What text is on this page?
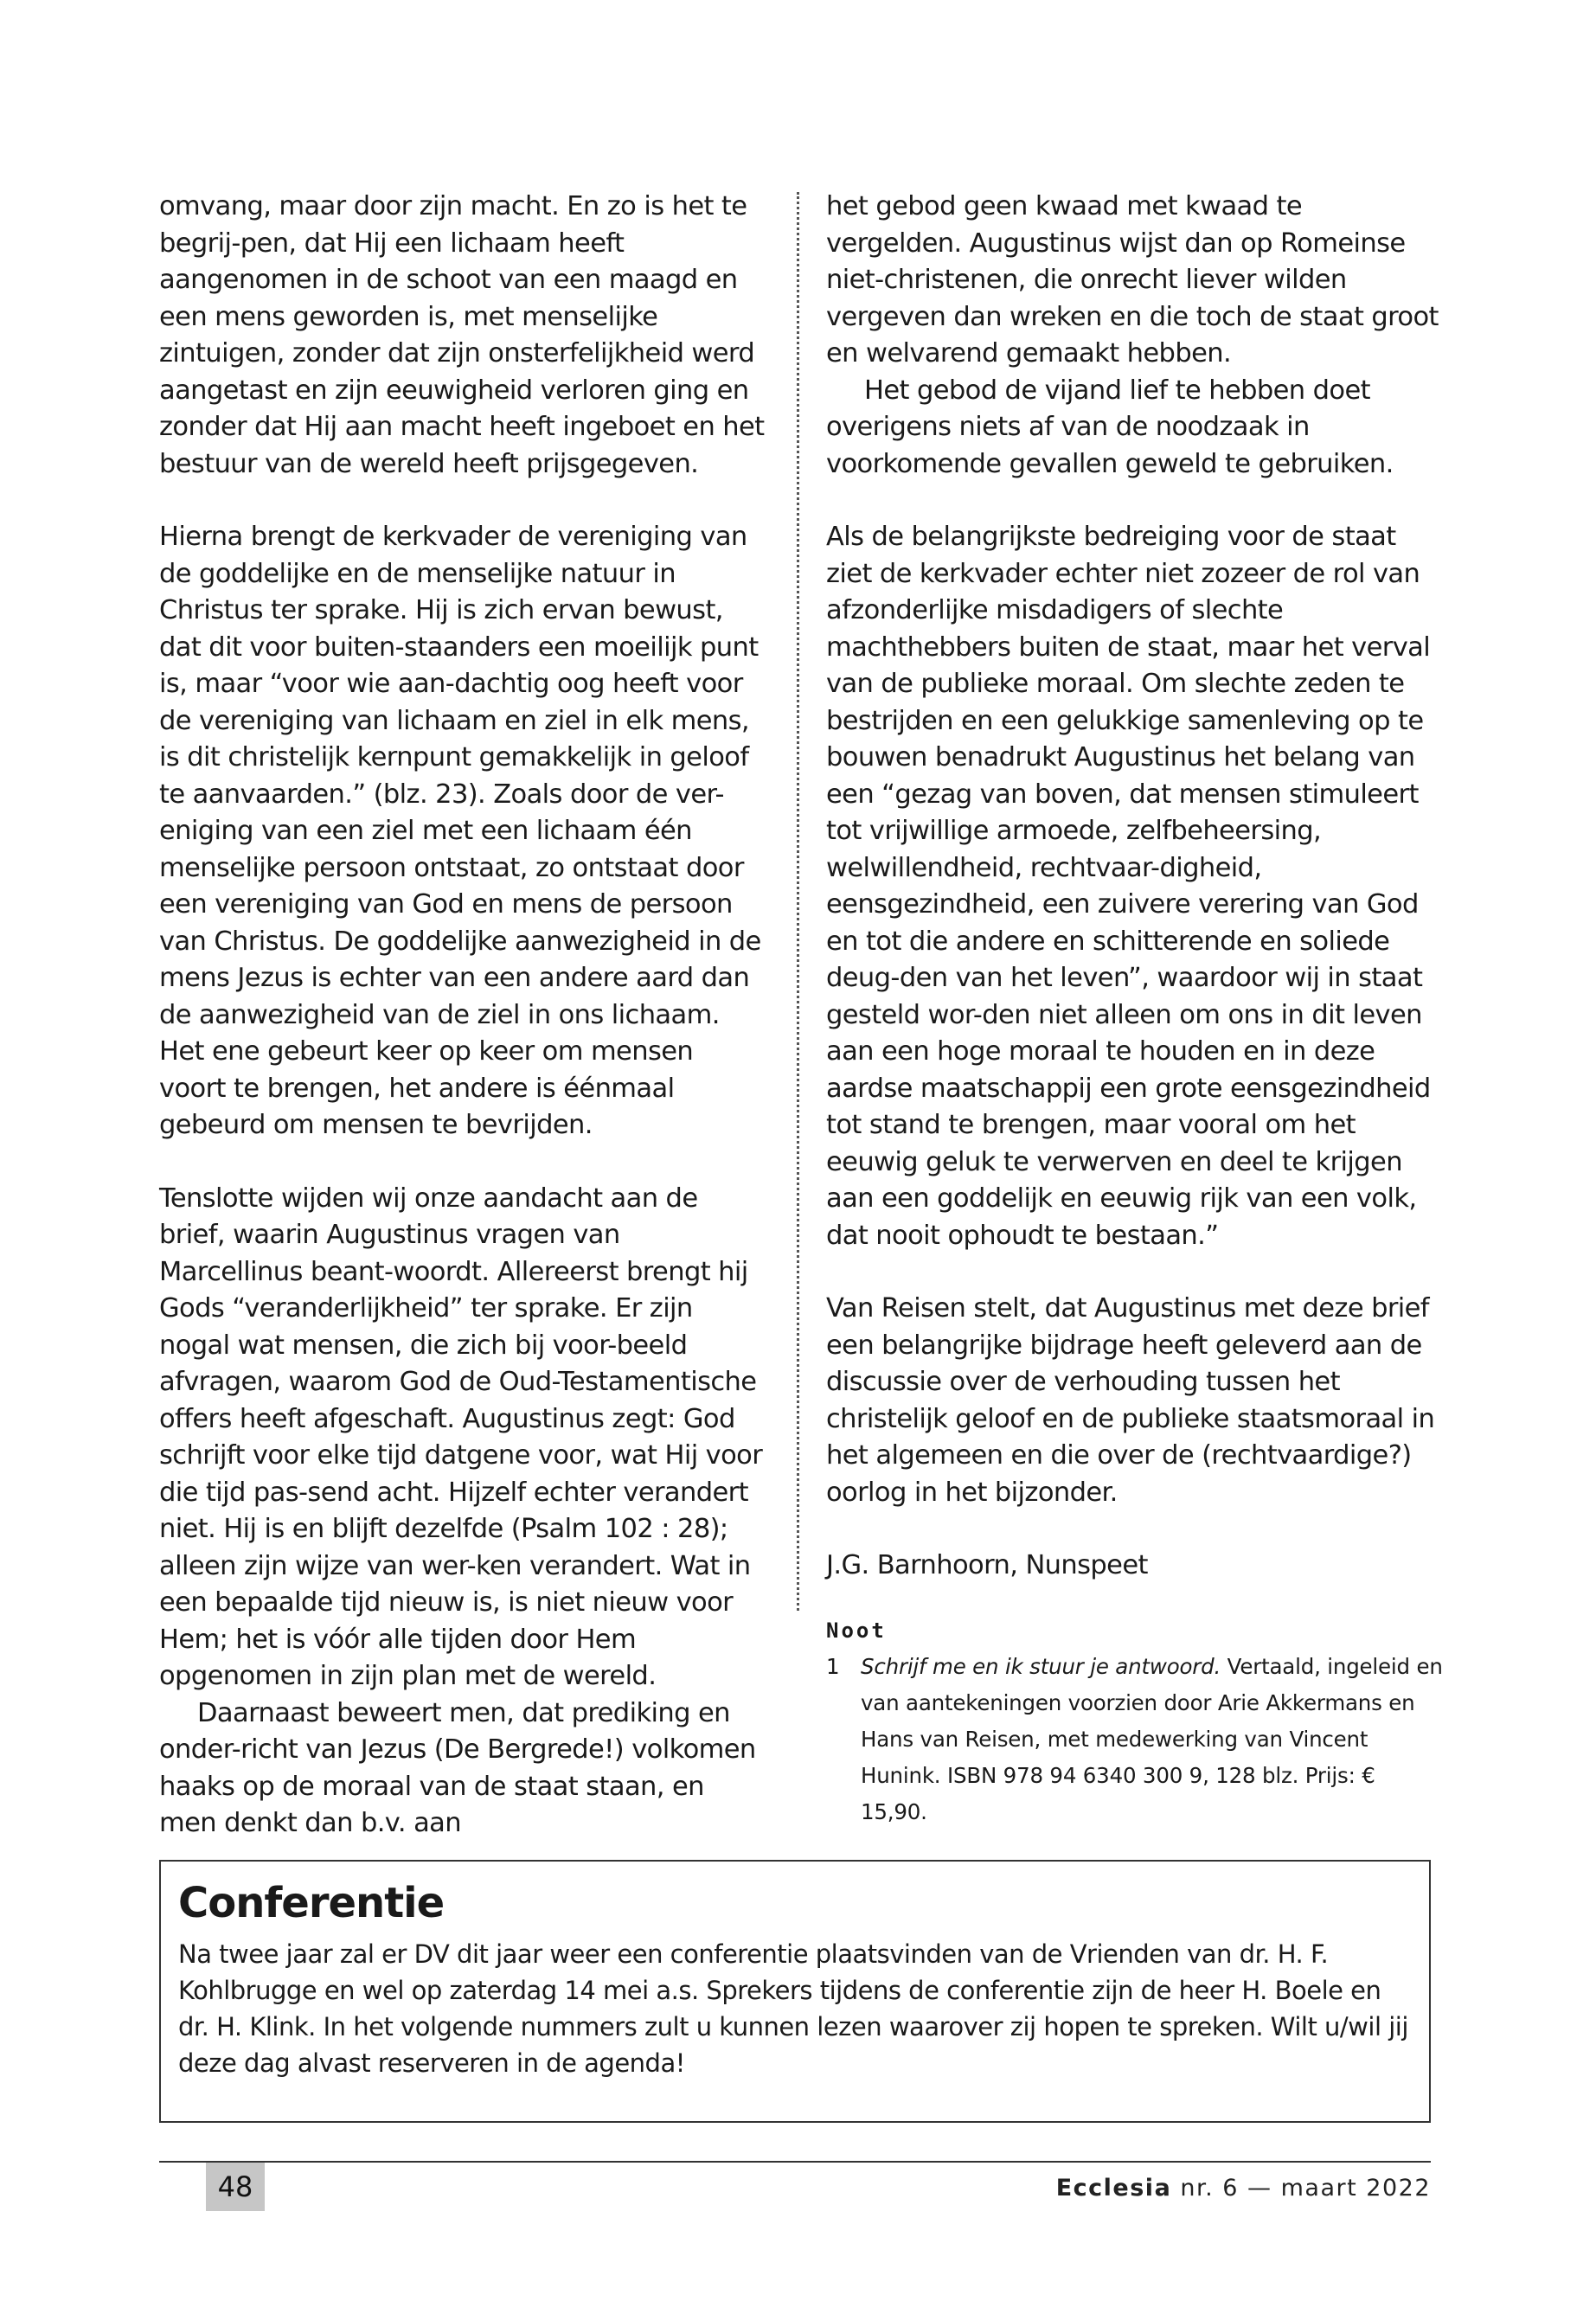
omvang, maar door zijn macht. En zo is het te begrij-pen, dat Hij een lichaam heeft aangenomen in de schoot van een maagd en een mens geworden is, met menselijke zintuigen, zonder dat zijn onsterfelijkheid werd aangetast en zijn eeuwigheid verloren ging en zonder dat Hij aan macht heeft ingeboet en het bestuur van de wereld heeft prijsgegeven.

Hierna brengt de kerkvader de vereniging van de goddelijke en de menselijke natuur in Christus ter sprake. Hij is zich ervan bewust, dat dit voor buiten-staanders een moeilijk punt is, maar “voor wie aan-dachtig oog heeft voor de vereniging van lichaam en ziel in elk mens, is dit christelijk kernpunt gemakkelijk in geloof te aanvaarden.” (blz. 23). Zoals door de ver-eniging van een ziel met een lichaam één menselijke persoon ontstaat, zo ontstaat door een vereniging van God en mens de persoon van Christus. De goddelijke aanwezigheid in de mens Jezus is echter van een andere aard dan de aanwezigheid van de ziel in ons lichaam. Het ene gebeurt keer op keer om mensen voort te brengen, het andere is éénmaal gebeurd om mensen te bevrijden.

Tenslotte wijden wij onze aandacht aan de brief, waarin Augustinus vragen van Marcellinus beant-woordt. Allereerst brengt hij Gods “veranderlijkheid” ter sprake. Er zijn nogal wat mensen, die zich bij voor-beeld afvragen, waarom God de Oud-Testamentische offers heeft afgeschaft. Augustinus zegt: God schrijft voor elke tijd datgene voor, wat Hij voor die tijd pas-send acht. Hijzelf echter verandert niet. Hij is en blijft dezelfde (Psalm 102 : 28); alleen zijn wijze van wer-ken verandert. Wat in een bepaalde tijd nieuw is, is niet nieuw voor Hem; het is vóór alle tijden door Hem opgenomen in zijn plan met de wereld.

Daarnaast beweert men, dat prediking en onder-richt van Jezus (De Bergrede!) volkomen haaks op de moraal van de staat staan, en men denkt dan b.v. aan

het gebod geen kwaad met kwaad te vergelden. Augustinus wijst dan op Romeinse niet-christenen, die onrecht liever wilden vergeven dan wreken en die toch de staat groot en welvarend gemaakt hebben.

Het gebod de vijand lief te hebben doet overigens niets af van de noodzaak in voorkomende gevallen geweld te gebruiken.

Als de belangrijkste bedreiging voor de staat ziet de kerkvader echter niet zozeer de rol van afzonderlijke misdadigers of slechte machthebbers buiten de staat, maar het verval van de publieke moraal. Om slechte zeden te bestrijden en een gelukkige samenleving op te bouwen benadrukt Augustinus het belang van een “gezag van boven, dat mensen stimuleert tot vrijwillige armoede, zelfbeheersing, welwillendheid, rechtvaar-digheid, eensgezindheid, een zuivere verering van God en tot die andere en schitterende en soliede deug-den van het leven”, waardoor wij in staat gesteld wor-den niet alleen om ons in dit leven aan een hoge moraal te houden en in deze aardse maatschappij een grote eensgezindheid tot stand te brengen, maar vooral om het eeuwig geluk te verwerven en deel te krijgen aan een goddelijk en eeuwig rijk van een volk, dat nooit ophoudt te bestaan.”

Van Reisen stelt, dat Augustinus met deze brief een belangrijke bijdrage heeft geleverd aan de discussie over de verhouding tussen het christelijk geloof en de publieke staatsmoraal in het algemeen en die over de (rechtvaardige?) oorlog in het bijzonder.

J.G. Barnhoorn, Nunspeet

Noot
1	Schrijf me en ik stuur je antwoord. Vertaald, ingeleid en van aantekeningen voorzien door Arie Akkermans en Hans van Reisen, met medewerking van Vincent Hunink. ISBN 978 94 6340 300 9, 128 blz. Prijs: € 15,90.
Conferentie

Na twee jaar zal er DV dit jaar weer een conferentie plaatsvinden van de Vrienden van dr. H. F. Kohlbrugge en wel op zaterdag 14 mei a.s. Sprekers tijdens de conferentie zijn de heer H. Boele en dr. H. Klink. In het volgende nummers zult u kunnen lezen waarover zij hopen te spreken. Wilt u/wil jij deze dag alvast reserveren in de agenda!

48	Ecclesia nr. 6 — maart 2022
